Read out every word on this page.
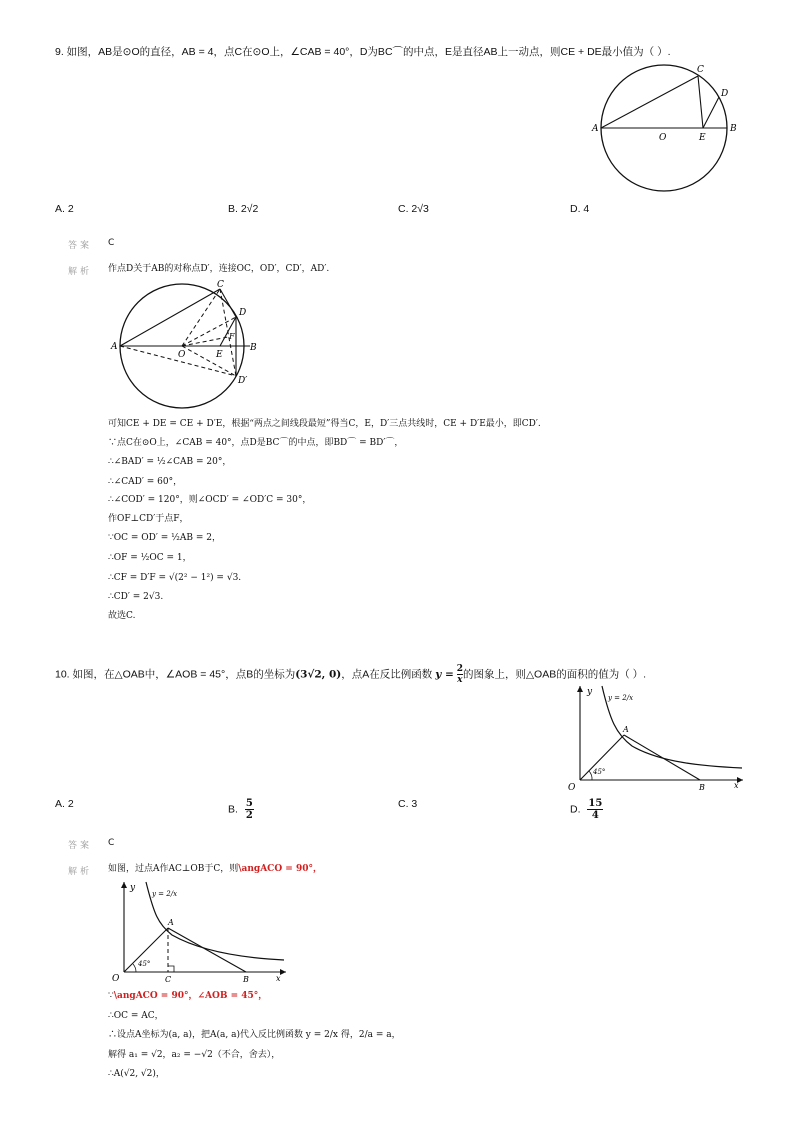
9. 如图，AB是⊙O的直径，AB = 4，点C在⊙O上，∠CAB = 40°，D为BC⌒的中点，E是直径AB上一动点，则CE + DE最小值为（ ）.
A	B
C
D
O	E
A. 2	B. 2√2	C. 2√3	D. 4
答案 C
解析 作点D关于AB的对称点D′，连接OC，OD′，CD′，AD′.
A	B
C
D
O	E
F
D′
可知CE + DE = CE + D′E，根据“两点之间线段最短”得当C，E，D′三点共线时，CE + D′E最小，即CD′.
∵点C在⊙O上，∠CAB = 40°，点D是BC⌒的中点，即BD⌒ = BD′⌒，
∴∠BAD′ = ½∠CAB = 20°，
∴∠CAD′ = 60°，
∴∠COD′ = 120°，则∠OCD′ = ∠OD′C = 30°，
作OF⊥CD′于点F，
∵OC = OD′ = ½AB = 2，
∴OF = ½OC = 1，
∴CF = D′F = √(2² − 1²) = √3.
∴CD′ = 2√3.
故选C.
10. 如图，在△OAB中，∠AOB = 45°，点B的坐标为(3√2, 0)，点A在反比例函数 $y = \frac{2}{x}$ 的图象上，则△OAB的面积的值为（ ）.
y
x
O
A
B
45°
y = 2/x
A. 2	B. $\frac{5}{2}$	C. 3	D. $\frac{15}{4}$
答案 C
解析 如图，过点A作AC⊥OB于C，则\angACO = 90°，
y
x
O
A
C	B
45°
y = 2/x
∵\angACO = 90°，∠AOB = 45°，
∴OC = AC，
∴设点A坐标为(a, a)，把A(a, a)代入反比例函数 y = 2/x 得，2/a = a，
解得 a₁ = √2，a₂ = −√2（不合，舍去），
∴A(√2, √2)，
